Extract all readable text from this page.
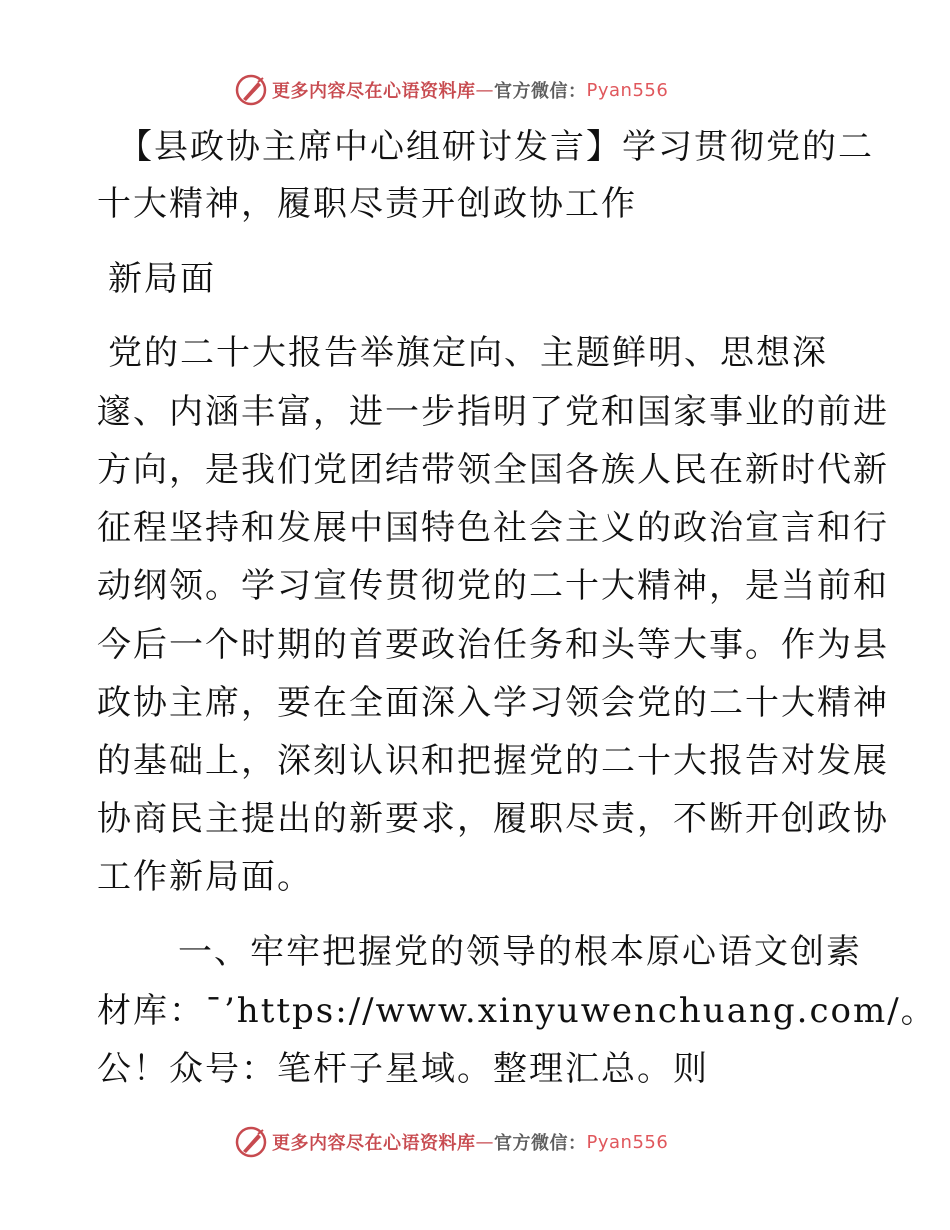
更多内容尽在心语资料库 — 官方微信： Pyan556
【县政协主席中心组研讨发言】学习贯彻党的二
十大精神，履职尽责开创政协工作
新局面
党的二十大报告举旗定向、主题鲜明、思想深
邃、内涵丰富，进一步指明了党和国家事业的前进
方向，是我们党团结带领全国各族人民在新时代新
征程坚持和发展中国特色社会主义的政治宣言和行
动纲领。学习宣传贯彻党的二十大精神，是当前和
今后一个时期的首要政治任务和头等大事。作为县
政协主席，要在全面深入学习领会党的二十大精神
的基础上，深刻认识和把握党的二十大报告对发展
协商民主提出的新要求，履职尽责，不断开创政协
工作新局面。
一、牢牢把握党的领导的根本原心语文创素
材库：¯’https://www.xinyuwenchuang.com/。
公！众号：笔杆子星域。整理汇总。则
更多内容尽在心语资料库 — 官方微信： Pyan556
